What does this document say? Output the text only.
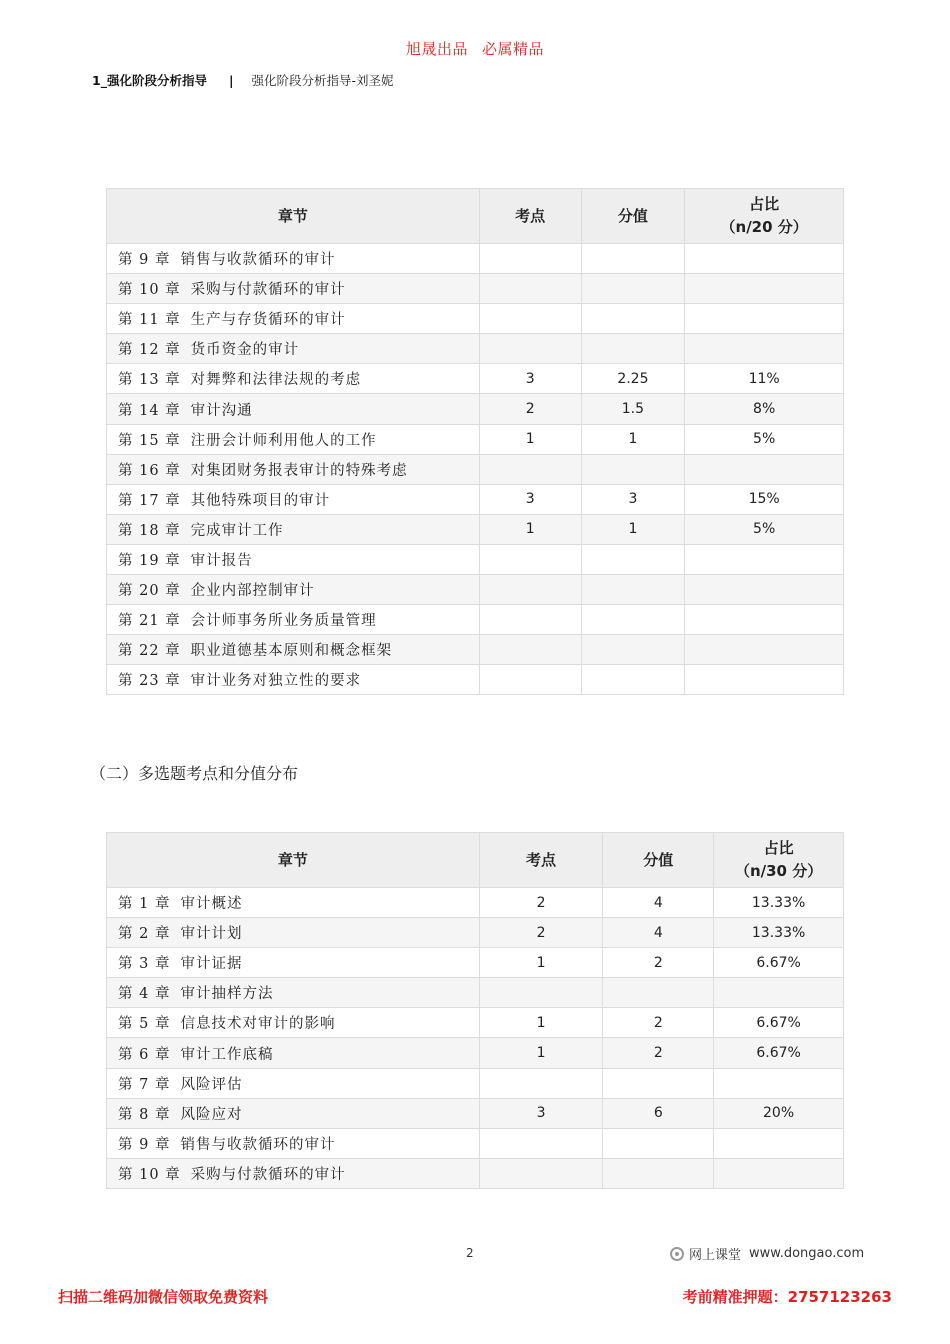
旭晟出品 必属精品
1_强化阶段分析指导 | 强化阶段分析指导-刘圣妮
章节	考点	分值	占比
（n/20 分）
第 9 章 销售与收款循环的审计			
第 10 章 采购与付款循环的审计			
第 11 章 生产与存货循环的审计			
第 12 章 货币资金的审计			
第 13 章 对舞弊和法律法规的考虑	3	2.25	11%
第 14 章 审计沟通	2	1.5	8%
第 15 章 注册会计师利用他人的工作	1	1	5%
第 16 章 对集团财务报表审计的特殊考虑			
第 17 章 其他特殊项目的审计	3	3	15%
第 18 章 完成审计工作	1	1	5%
第 19 章 审计报告			
第 20 章 企业内部控制审计			
第 21 章 会计师事务所业务质量管理			
第 22 章 职业道德基本原则和概念框架			
第 23 章 审计业务对独立性的要求			
（二）多选题考点和分值分布
章节	考点	分值	占比
（n/30 分）
第 1 章 审计概述	2	4	13.33%
第 2 章 审计计划	2	4	13.33%
第 3 章 审计证据	1	2	6.67%
第 4 章 审计抽样方法			
第 5 章 信息技术对审计的影响	1	2	6.67%
第 6 章 审计工作底稿	1	2	6.67%
第 7 章 风险评估			
第 8 章 风险应对	3	6	20%
第 9 章 销售与收款循环的审计			
第 10 章 采购与付款循环的审计			
2	网上课堂 www.dongao.com
扫描二维码加微信领取免费资料	考前精准押题：2757123263
